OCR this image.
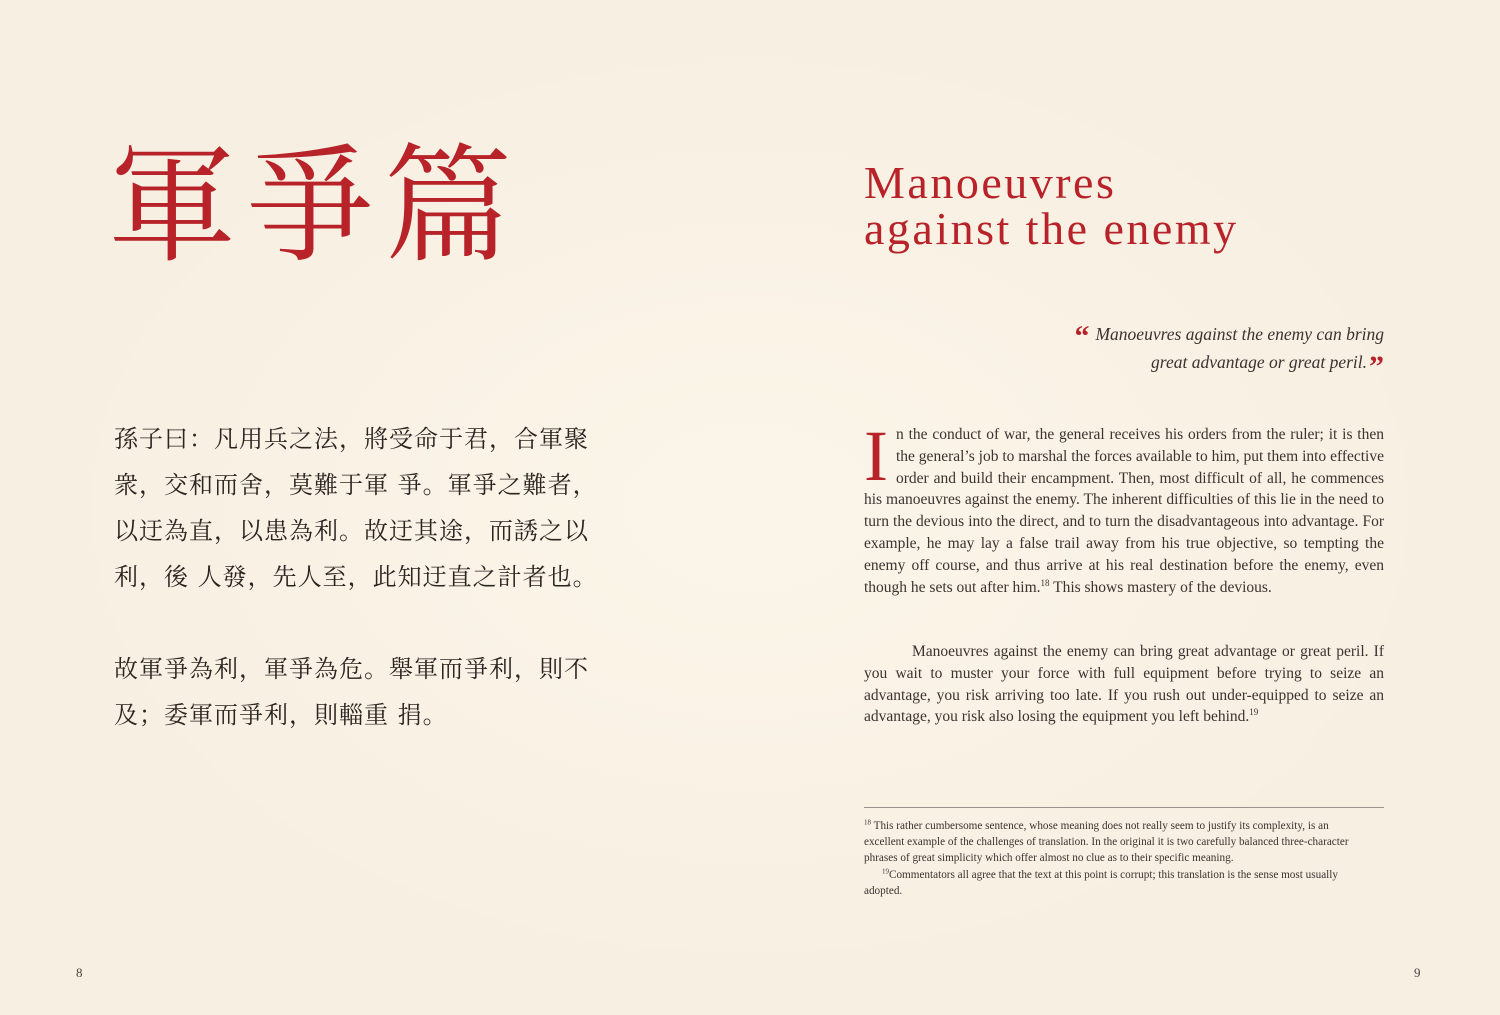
軍爭篇
孫子曰：凡用兵之法，將受命于君，合軍聚衆，交和而舍，莫難于軍 爭。軍爭之難者，以迂為直，以患為利。故迂其途，而誘之以利，後 人發，先人至，此知迂直之計者也。
故軍爭為利，軍爭為危。舉軍而爭利，則不及；委軍而爭利，則輜重 捐。
8
Manoeuvres
against the enemy
“ Manoeuvres against the enemy can bring great advantage or great peril.”
In the conduct of war, the general receives his orders from the ruler; it is then the general’s job to marshal the forces available to him, put them into effective order and build their encampment. Then, most difficult of all, he commences his manoeuvres against the enemy. The inherent difficulties of this lie in the need to turn the devious into the direct, and to turn the disadvantageous into advantage. For example, he may lay a false trail away from his true objective, so tempting the enemy off course, and thus arrive at his real destination before the enemy, even though he sets out after him.$^{18}$ This shows mastery of the devious.
Manoeuvres against the enemy can bring great advantage or great peril. If you wait to muster your force with full equipment before trying to seize an advantage, you risk arriving too late. If you rush out under-equipped to seize an advantage, you risk also losing the equipment you left behind.$^{19}$
$^{18}$ This rather cumbersome sentence, whose meaning does not really seem to justify its complexity, is an excellent example of the challenges of translation. In the original it is two carefully balanced three-character phrases of great simplicity which offer almost no clue as to their specific meaning.
$^{19}$Commentators all agree that the text at this point is corrupt; this translation is the sense most usually adopted.
9
